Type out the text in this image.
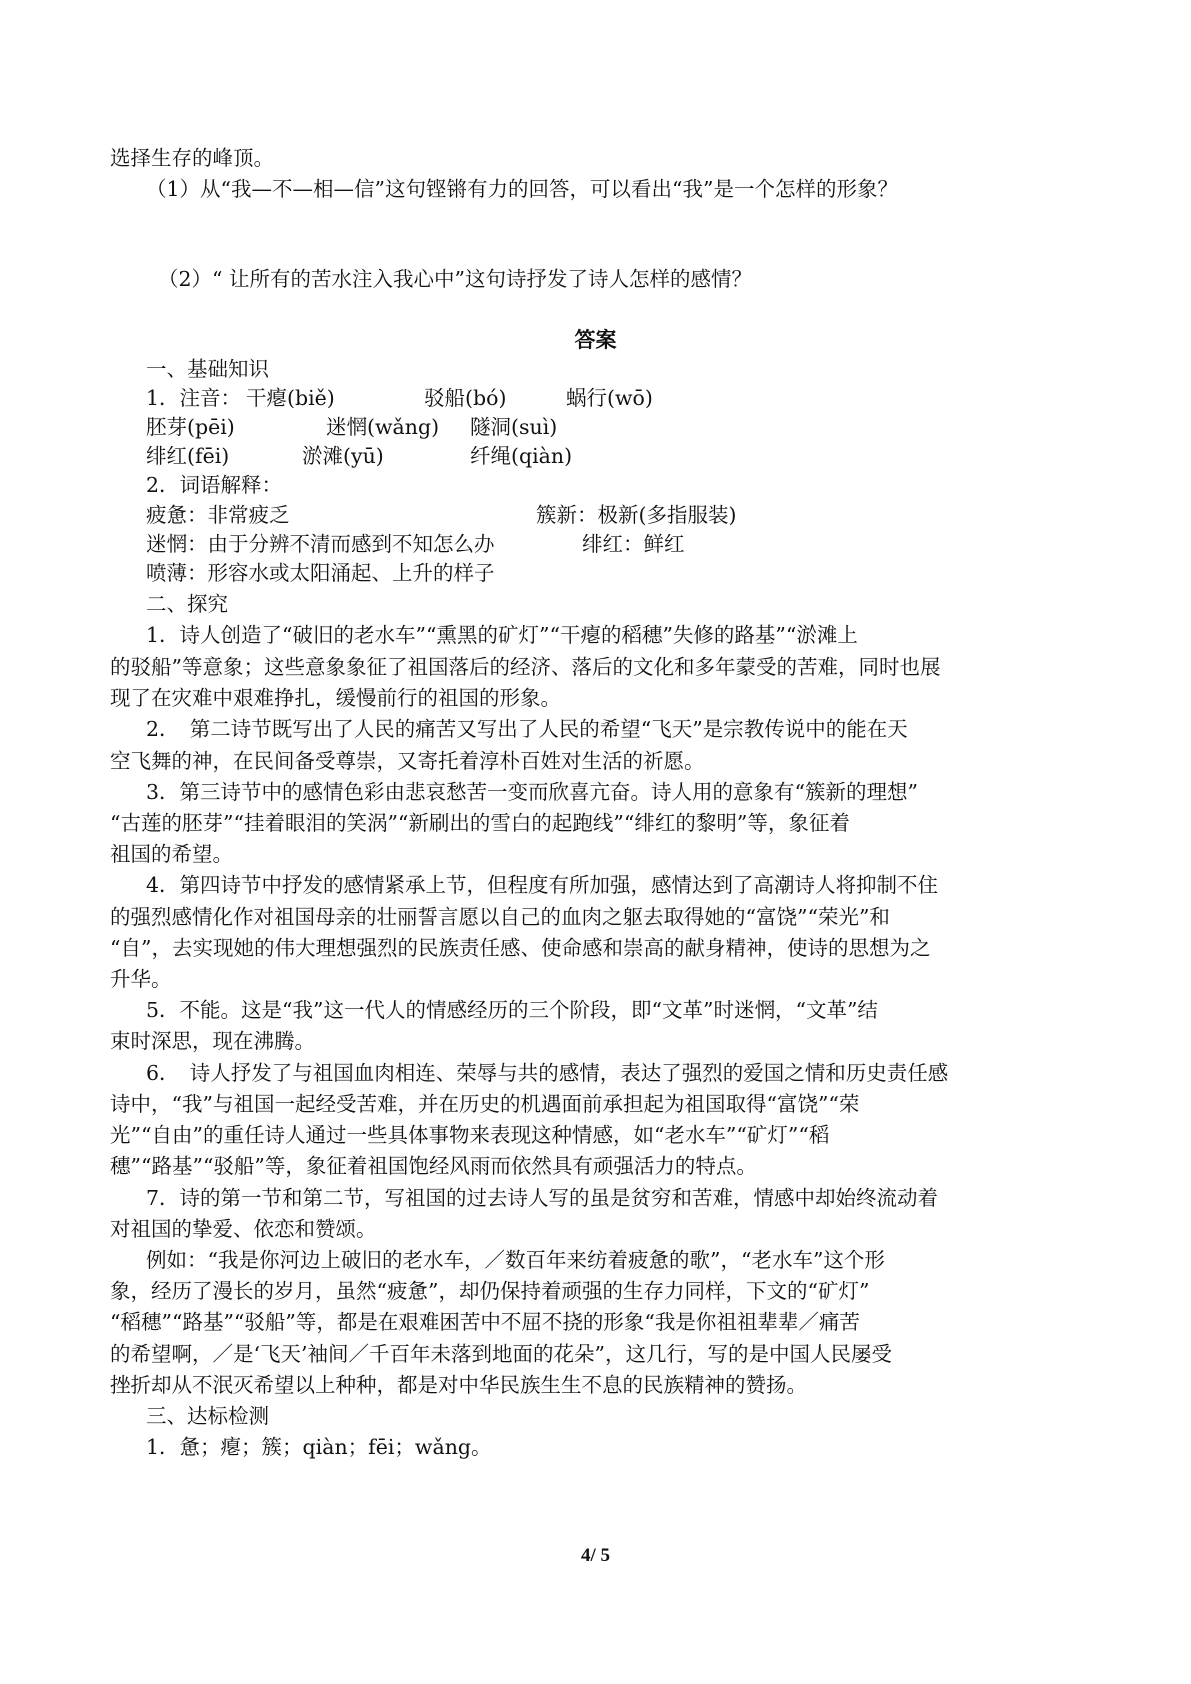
选择生存的峰顶。
（1）从“我—不—相—信”这句铿锵有力的回答，可以看出“我”是一个怎样的形象？
（2）“ 让所有的苦水注入我心中”这句诗抒发了诗人怎样的感情？
答案
一、基础知识
1．注音： 干瘪(biě)	驳船(bó)	蜗行(wō)
胚芽(pēi)	迷惘(wǎng)	隧洞(suì)
绯红(fēi)	淤滩(yū)	纤绳(qiàn)
2．词语解释：
疲惫：非常疲乏	簇新：极新(多指服装)
迷惘：由于分辨不清而感到不知怎么办	绯红：鲜红
喷薄：形容水或太阳涌起、上升的样子
二、探究
1．诗人创造了“破旧的老水车”“熏黑的矿灯”“干瘪的稻穗”失修的路基”“淤滩上
的驳船”等意象；这些意象象征了祖国落后的经济、落后的文化和多年蒙受的苦难，同时也展
现了在灾难中艰难挣扎，缓慢前行的祖国的形象。
2．　第二诗节既写出了人民的痛苦又写出了人民的希望“飞天”是宗教传说中的能在天
空飞舞的神，在民间备受尊崇，又寄托着淳朴百姓对生活的祈愿。
3．第三诗节中的感情色彩由悲哀愁苦一变而欣喜亢奋。诗人用的意象有“簇新的理想”
“古莲的胚芽”“挂着眼泪的笑涡”“新刷出的雪白的起跑线”“绯红的黎明”等，象征着
祖国的希望。
4．第四诗节中抒发的感情紧承上节，但程度有所加强，感情达到了高潮诗人将抑制不住
的强烈感情化作对祖国母亲的壮丽誓言愿以自己的血肉之躯去取得她的“富饶”“荣光”和
“自”，去实现她的伟大理想强烈的民族责任感、使命感和崇高的献身精神，使诗的思想为之
升华。
5．不能。这是“我”这一代人的情感经历的三个阶段，即“文革”时迷惘，“文革”结
束时深思，现在沸腾。
6．　诗人抒发了与祖国血肉相连、荣辱与共的感情，表达了强烈的爱国之情和历史责任感
诗中，“我”与祖国一起经受苦难，并在历史的机遇面前承担起为祖国取得“富饶”“荣
光”“自由”的重任诗人通过一些具体事物来表现这种情感，如“老水车”“矿灯”“稻
穗”“路基”“驳船”等，象征着祖国饱经风雨而依然具有顽强活力的特点。
7．诗的第一节和第二节，写祖国的过去诗人写的虽是贫穷和苦难，情感中却始终流动着
对祖国的挚爱、依恋和赞颂。
例如：“我是你河边上破旧的老水车，／数百年来纺着疲惫的歌”，“老水车”这个形
象，经历了漫长的岁月，虽然“疲惫”，却仍保持着顽强的生存力同样，下文的“矿灯”
“稻穗”“路基”“驳船”等，都是在艰难困苦中不屈不挠的形象“我是你祖祖辈辈／痛苦
的希望啊，／是‘飞天’袖间／千百年未落到地面的花朵”，这几行，写的是中国人民屡受
挫折却从不泯灭希望以上种种，都是对中华民族生生不息的民族精神的赞扬。
三、达标检测
1．惫；瘪；簇；qiàn；fēi；wǎng。
4/ 5
